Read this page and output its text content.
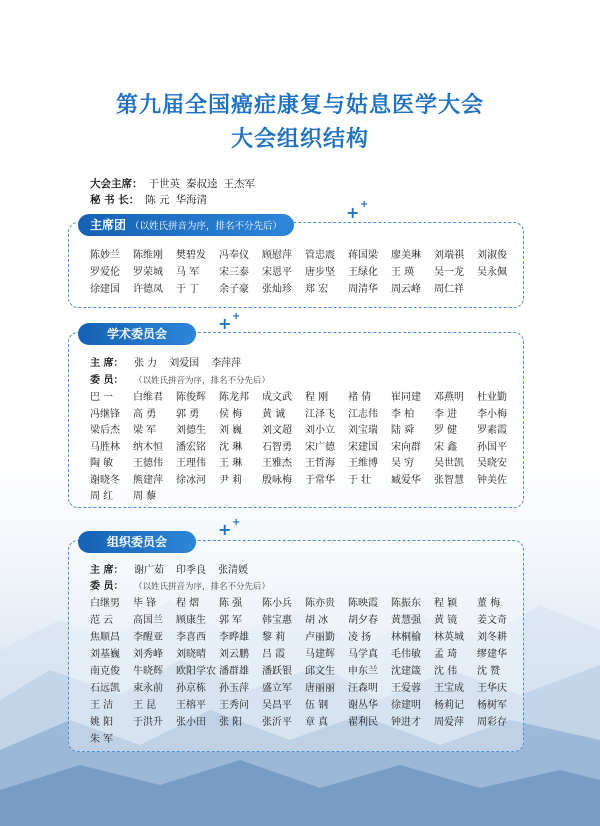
第九届全国癌症康复与姑息医学大会
大会组织结构
大会主席： 于世英 秦叔逵 王杰军
秘 书 长： 陈 元 华海清
主席团 （以姓氏拼音为序，排名不分先后）
+ +
陈妙兰 陈维刚 樊碧发 冯奉仪 顾慰萍 管忠震 蒋国梁 廖美琳 刘端祺 刘淑俊
罗爱伦 罗荣城 马 军 宋三泰 宋恩平 唐步坚 王绿化 王 瑛 吴一龙 吴永佩
徐建国 许德凤 于 丁 余子豪 张灿珍 郑 宏 周清华 周云峰 周仁祥
学术委员会
+ +
主 席： 张 力 刘爱国 李萍萍
委 员： （以姓氏拼音为序，排名不分先后）
巴 一 白维君 陈俊辉 陈龙邦 成文武 程 刚 褚 倩 崔同建 邓燕明 杜业勤
冯继锋 高 勇 郭 勇 侯 梅 黄 诚 江泽飞 江志伟 李 柏 李 进 李小梅
梁后杰 梁 军 刘德生 刘 巍 刘文超 刘小立 刘宝瑞 陆 舜 罗 健 罗素霞
马胜林 纳木恒 潘宏铭 沈 琳 石智勇 宋广德 宋建国 宋向群 宋 鑫 孙国平
陶 敏 王德伟 王理伟 王 琳 王雅杰 王哲海 王维博 吴 穷 吴世凯 吴晓安
谢晓冬 熊建萍 徐冰河 尹 莉 殷咏梅 于常华 于 壮 臧爱华 张智慧 钟美佐
周 红 周 藜
组织委员会
+ +
主 席： 谢广茹 印季良 张清媛
委 员： （以姓氏拼音为序，排名不分先后）
白继男 毕 锋 程 熠 陈 强 陈小兵 陈亦贵 陈映霞 陈振东 程 颖 董 梅
范 云 高国兰 顾康生 郭 军 韩宝惠 胡 冰 胡夕春 黄慧强 黄 镜 姜文奇
焦顺昌 李醒亚 李喜西 李晔雄 黎 莉 卢丽勤 凌 扬 林桐榆 林英城 刘冬耕
刘基巍 刘秀峰 刘晓晴 刘云鹏 吕 霞 马建辉 马学真 毛伟敏 孟 琦 缪建华
南克俊 牛晓辉 欧阳学农 潘群雄 潘跃银 邱文生 申东兰 沈建箴 沈 伟 沈 赞
石远凯 束永前 孙京栋 孙玉萍 盛立军 唐丽丽 汪森明 王爱蓉 王宝成 王华庆
王 洁 王 昆 王榕平 王秀问 吴昌平 伍 钢 谢丛华 徐建明 杨莉记 杨树军
姚 阳 于洪升 张小田 张 阳 张沂平 章 真 翟利民 钟进才 周爱萍 周彩存
朱 军
